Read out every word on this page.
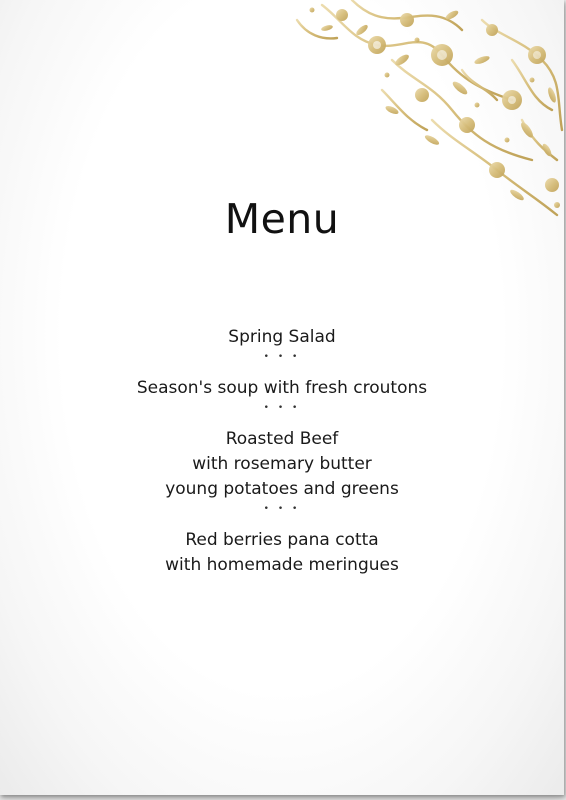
Menu
Spring Salad
• • •
Season's soup with fresh croutons
• • •
Roasted Beef
with rosemary butter
young potatoes and greens
• • •
Red berries pana cotta
with homemade meringues
